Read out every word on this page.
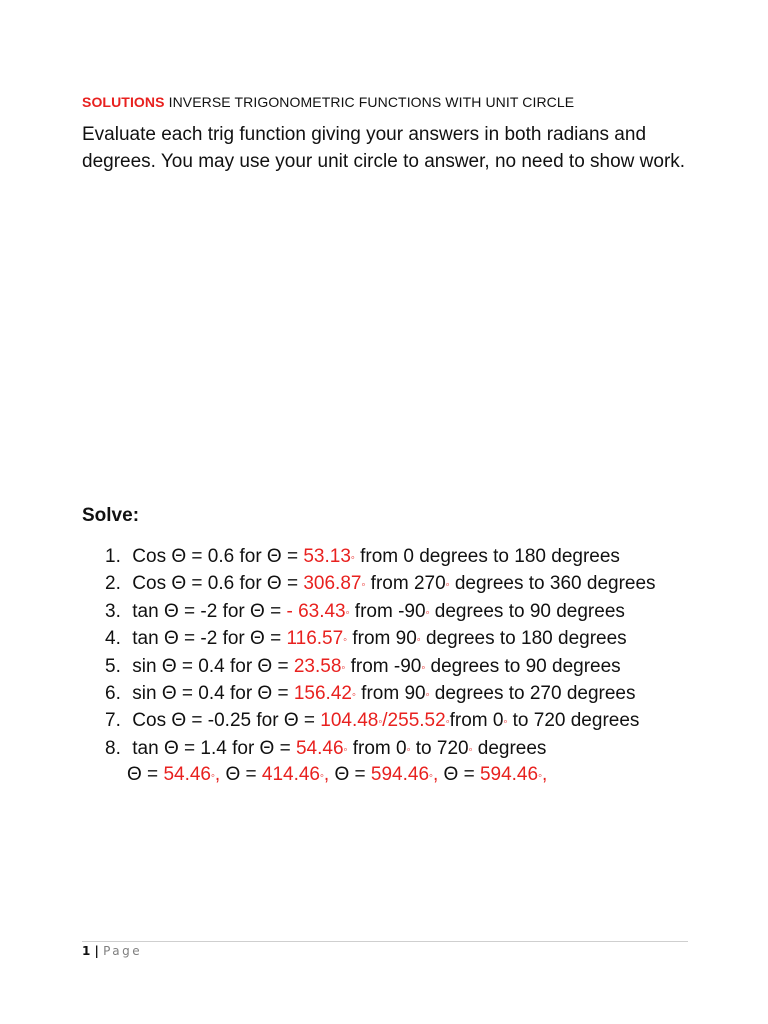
SOLUTIONS INVERSE TRIGONOMETRIC FUNCTIONS WITH UNIT CIRCLE
Evaluate each trig function giving your answers in both radians and degrees. You may use your unit circle to answer, no need to show work.
Solve:
1. Cos Θ = 0.6 for Θ = 53.13◦ from 0 degrees to 180 degrees
2. Cos Θ = 0.6 for Θ = 306.87◦ from 270◦ degrees to 360 degrees
3. tan Θ = -2 for Θ = - 63.43◦ from -90◦ degrees to 90 degrees
4. tan Θ = -2 for Θ = 116.57◦ from 90◦ degrees to 180 degrees
5. sin Θ = 0.4 for Θ = 23.58◦ from -90◦ degrees to 90 degrees
6. sin Θ = 0.4 for Θ = 156.42◦ from 90◦ degrees to 270 degrees
7. Cos Θ = -0.25 for Θ = 104.48◦/255.52◦from 0◦ to 720 degrees
8. tan Θ = 1.4 for Θ = 54.46◦ from 0◦ to 720◦ degrees
Θ = 54.46◦, Θ = 414.46◦, Θ = 594.46◦, Θ = 594.46◦,
1 | Page
